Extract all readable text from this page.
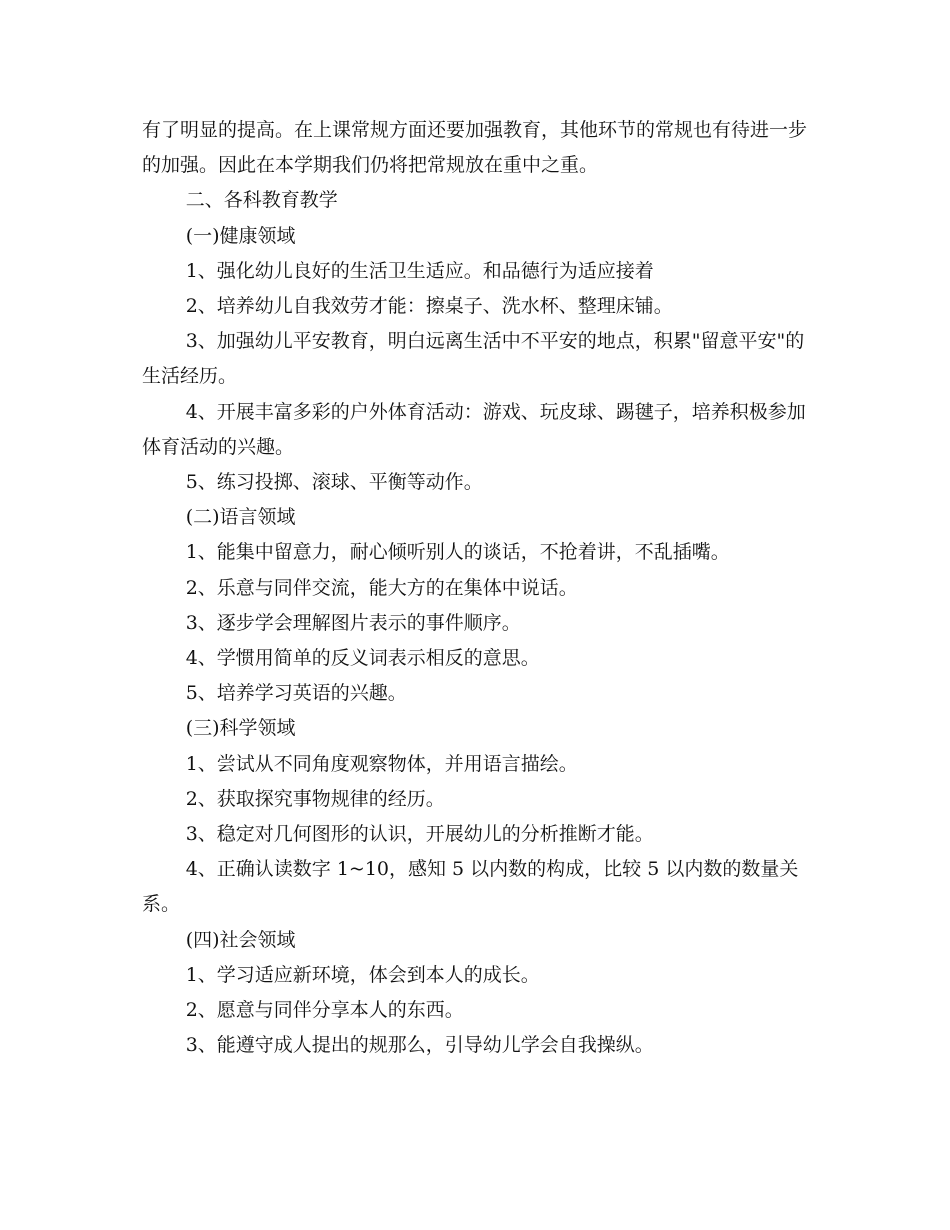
有了明显的提高。在上课常规方面还要加强教育，其他环节的常规也有待进一步的加强。因此在本学期我们仍将把常规放在重中之重。

二、各科教育教学

(一)健康领域

1、强化幼儿良好的生活卫生适应。和品德行为适应接着

2、培养幼儿自我效劳才能：擦桌子、洗水杯、整理床铺。

3、加强幼儿平安教育，明白远离生活中不平安的地点，积累"留意平安"的生活经历。

4、开展丰富多彩的户外体育活动：游戏、玩皮球、踢毽子，培养积极参加体育活动的兴趣。

5、练习投掷、滚球、平衡等动作。

(二)语言领域

1、能集中留意力，耐心倾听别人的谈话，不抢着讲，不乱插嘴。

2、乐意与同伴交流，能大方的在集体中说话。

3、逐步学会理解图片表示的事件顺序。

4、学惯用简单的反义词表示相反的意思。

5、培养学习英语的兴趣。

(三)科学领域

1、尝试从不同角度观察物体，并用语言描绘。

2、获取探究事物规律的经历。

3、稳定对几何图形的认识，开展幼儿的分析推断才能。

4、正确认读数字 1~10，感知 5 以内数的构成，比较 5 以内数的数量关系。

(四)社会领域

1、学习适应新环境，体会到本人的成长。

2、愿意与同伴分享本人的东西。

3、能遵守成人提出的规那么，引导幼儿学会自我操纵。
